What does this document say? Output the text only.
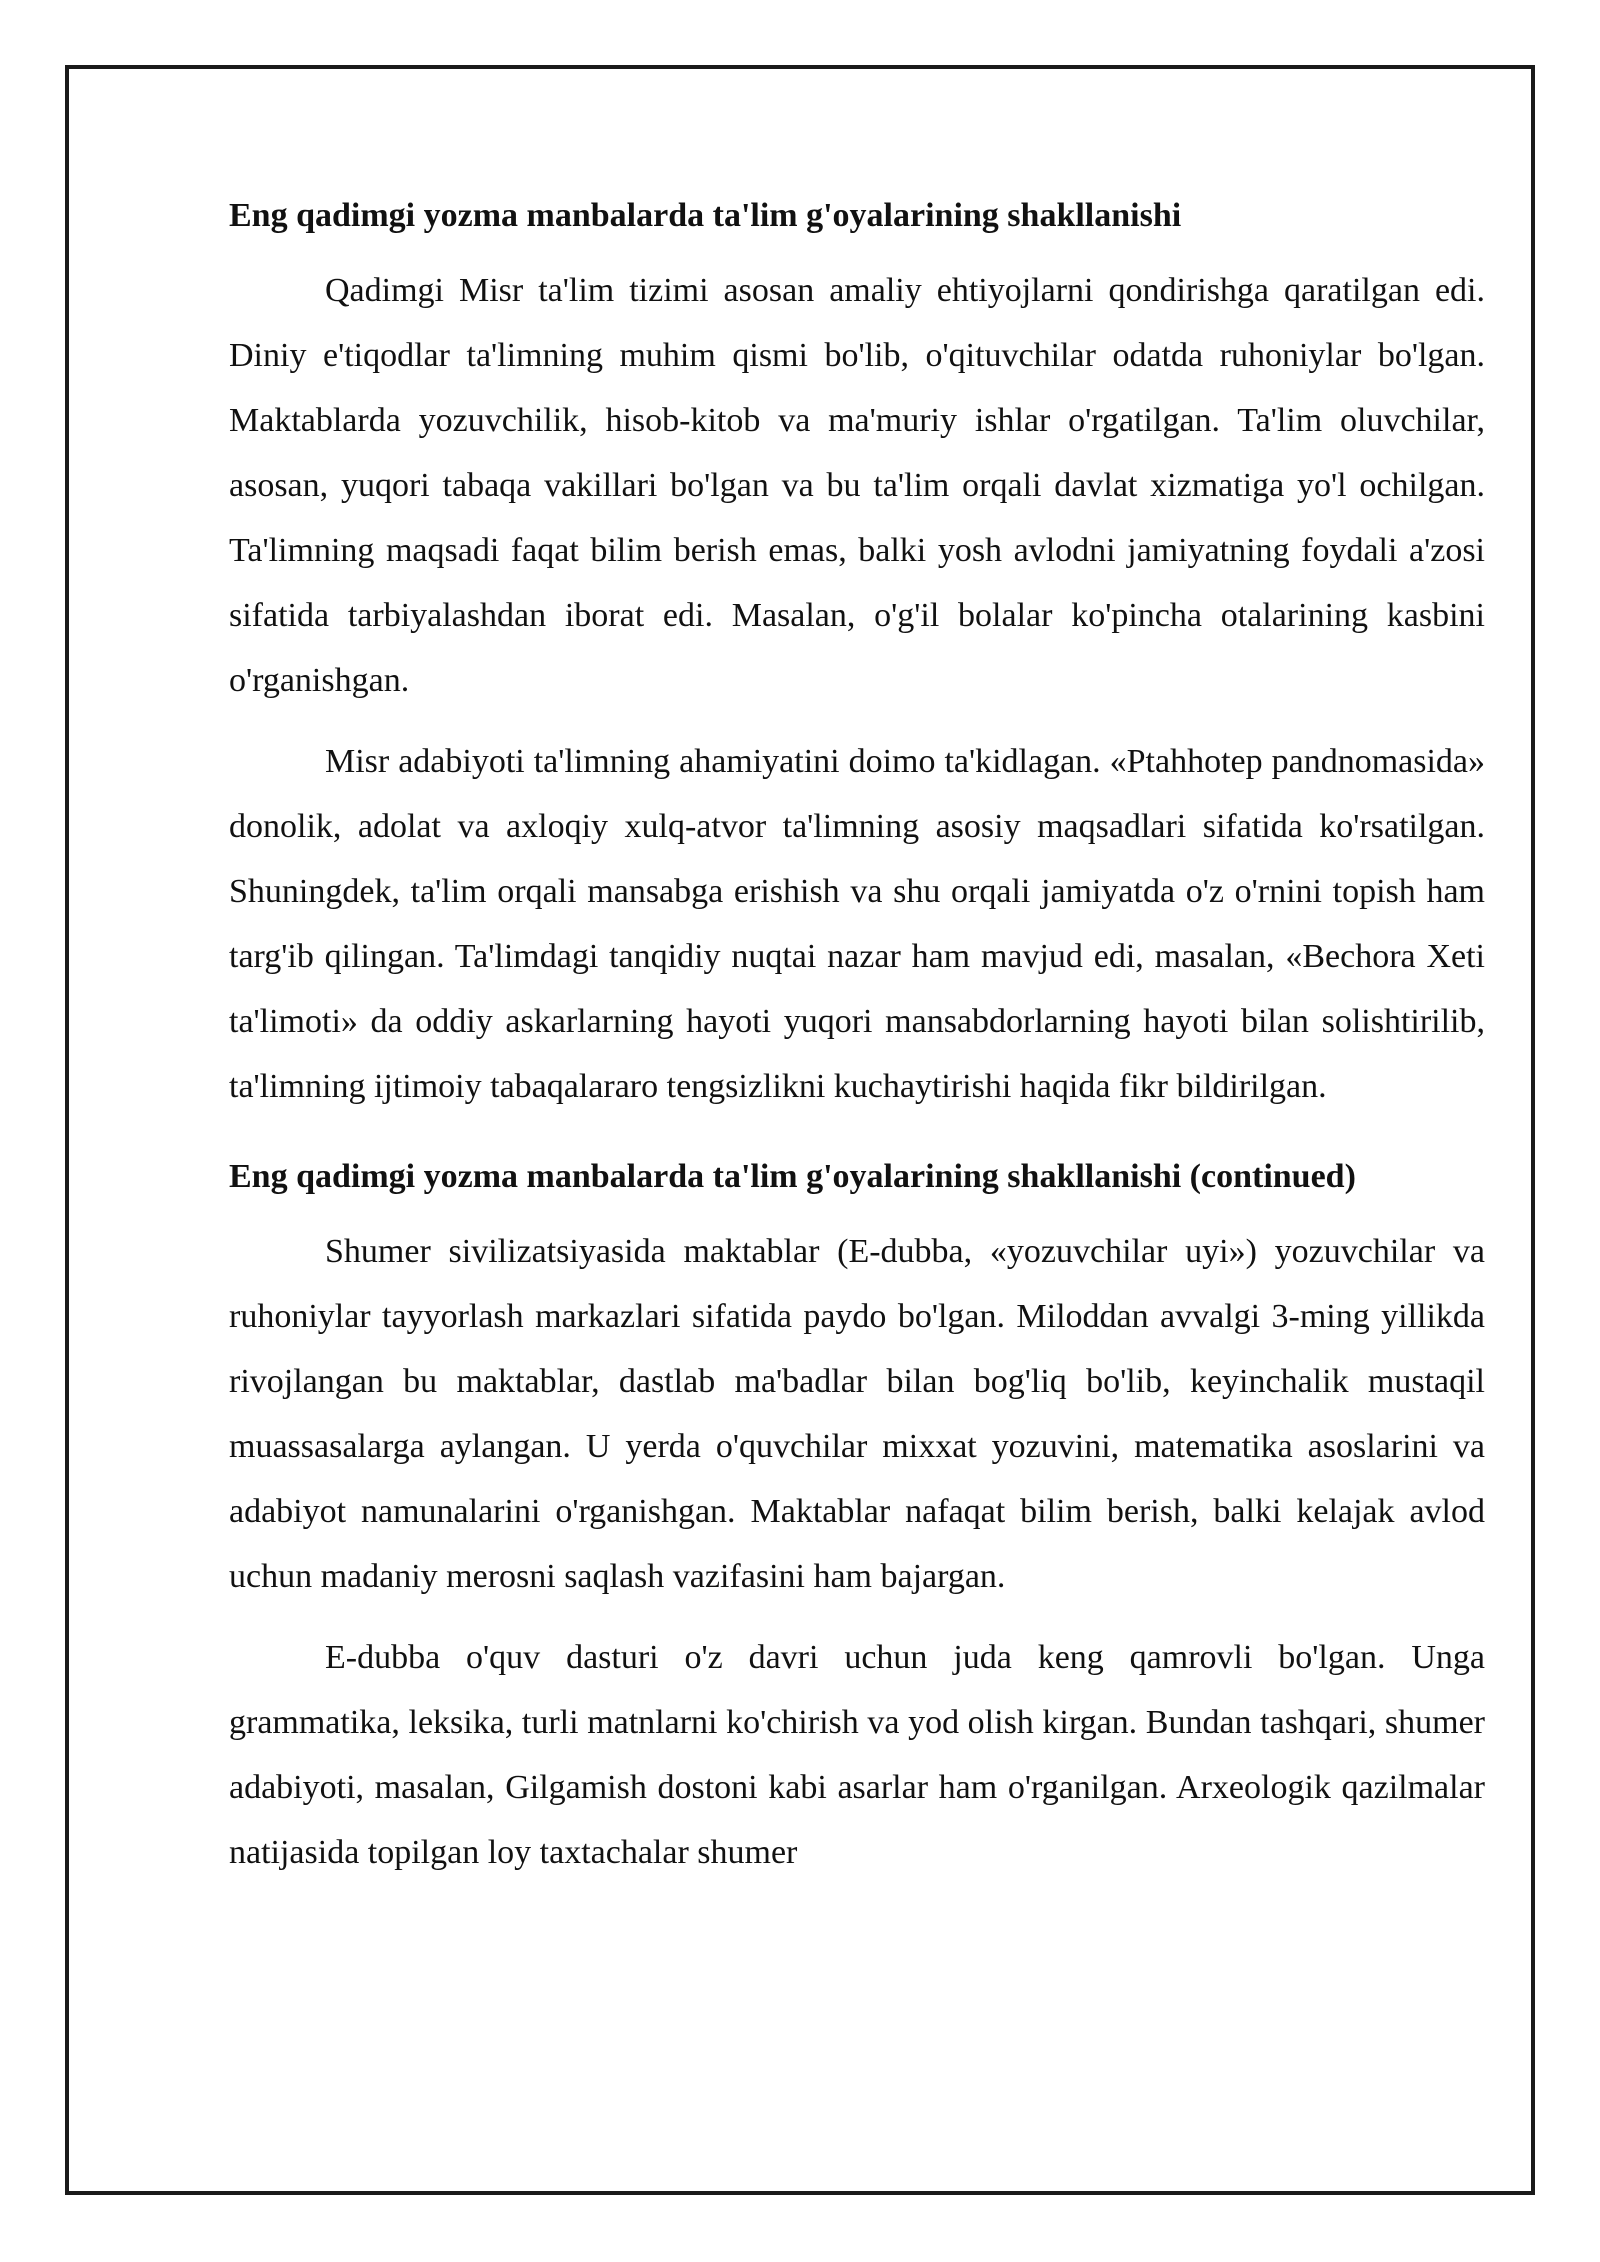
Eng qadimgi yozma manbalarda ta'lim g'oyalarining shakllanishi

Qadimgi Misr ta'lim tizimi asosan amaliy ehtiyojlarni qondirishga qaratilgan edi. Diniy e'tiqodlar ta'limning muhim qismi bo'lib, o'qituvchilar odatda ruhoniylar bo'lgan. Maktablarda yozuvchilik, hisob-kitob va ma'muriy ishlar o'rgatilgan. Ta'lim oluvchilar, asosan, yuqori tabaqa vakillari bo'lgan va bu ta'lim orqali davlat xizmatiga yo'l ochilgan. Ta'limning maqsadi faqat bilim berish emas, balki yosh avlodni jamiyatning foydali a'zosi sifatida tarbiyalashdan iborat edi. Masalan, o'g'il bolalar ko'pincha otalarining kasbini o'rganishgan.

Misr adabiyoti ta'limning ahamiyatini doimo ta'kidlagan. «Ptahhotep pandnomasida» donolik, adolat va axloqiy xulq-atvor ta'limning asosiy maqsadlari sifatida ko'rsatilgan. Shuningdek, ta'lim orqali mansabga erishish va shu orqali jamiyatda o'z o'rnini topish ham targ'ib qilingan. Ta'limdagi tanqidiy nuqtai nazar ham mavjud edi, masalan, «Bechora Xeti ta'limoti» da oddiy askarlarning hayoti yuqori mansabdorlarning hayoti bilan solishtirilib, ta'limning ijtimoiy tabaqalararo tengsizlikni kuchaytirishi haqida fikr bildirilgan.

Eng qadimgi yozma manbalarda ta'lim g'oyalarining shakllanishi (continued)

Shumer sivilizatsiyasida maktablar (E-dubba, «yozuvchilar uyi») yozuvchilar va ruhoniylar tayyorlash markazlari sifatida paydo bo'lgan. Miloddan avvalgi 3-ming yillikda rivojlangan bu maktablar, dastlab ma'badlar bilan bog'liq bo'lib, keyinchalik mustaqil muassasalarga aylangan. U yerda o'quvchilar mixxat yozuvini, matematika asoslarini va adabiyot namunalarini o'rganishgan. Maktablar nafaqat bilim berish, balki kelajak avlod uchun madaniy merosni saqlash vazifasini ham bajargan.

E-dubba o'quv dasturi o'z davri uchun juda keng qamrovli bo'lgan. Unga grammatika, leksika, turli matnlarni ko'chirish va yod olish kirgan. Bundan tashqari, shumer adabiyoti, masalan, Gilgamish dostoni kabi asarlar ham o'rganilgan. Arxeologik qazilmalar natijasida topilgan loy taxtachalar shumer
